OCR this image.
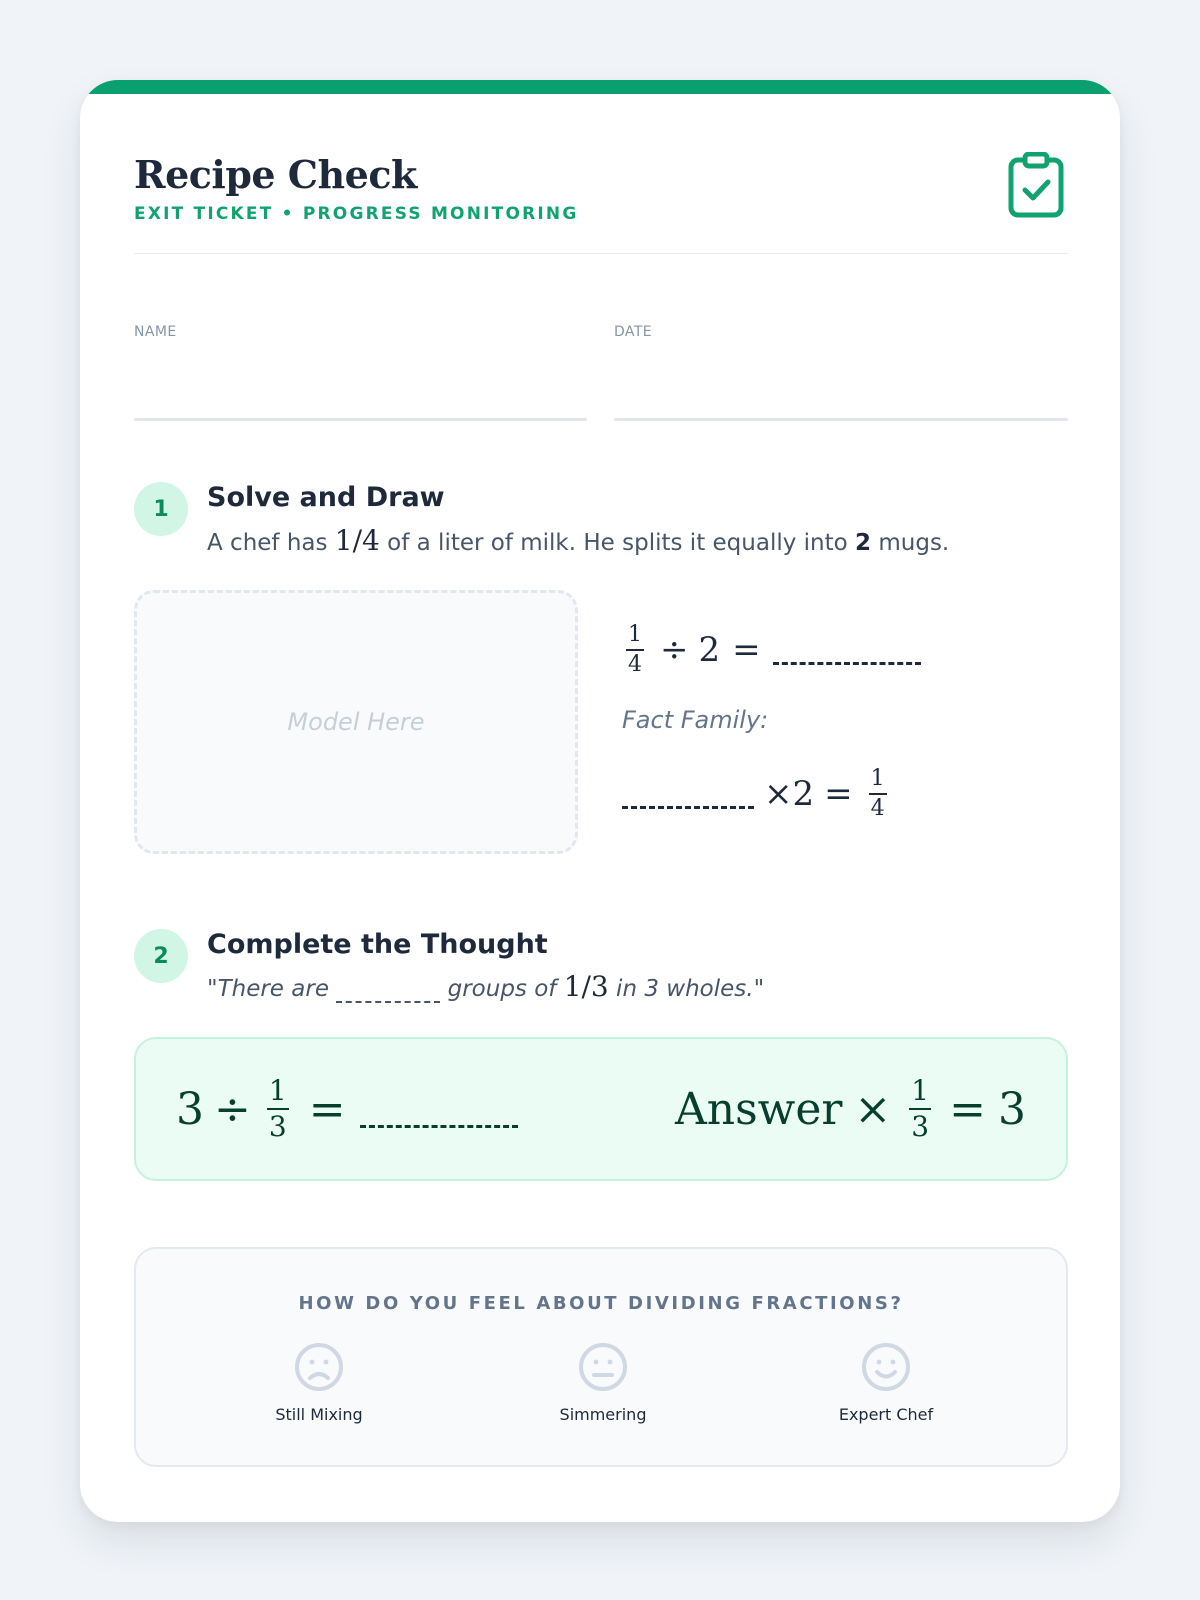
Recipe Check
EXIT TICKET • PROGRESS MONITORING
NAME	DATE
1	Solve and Draw
A chef has 1/4 of a liter of milk. He splits it equally into 2 mugs.
Model Here
$\frac{1}{4} \div 2$ =
Fact Family:
$\times 2 = \frac{1}{4}$
2	Complete the Thought
"There are	groups of 1/3 in 3 wholes."
$3 \div \frac{1}{3}$ =	Answer × $\frac{1}{3} = 3$
HOW DO YOU FEEL ABOUT DIVIDING FRACTIONS?
Still Mixing	Simmering	Expert Chef
